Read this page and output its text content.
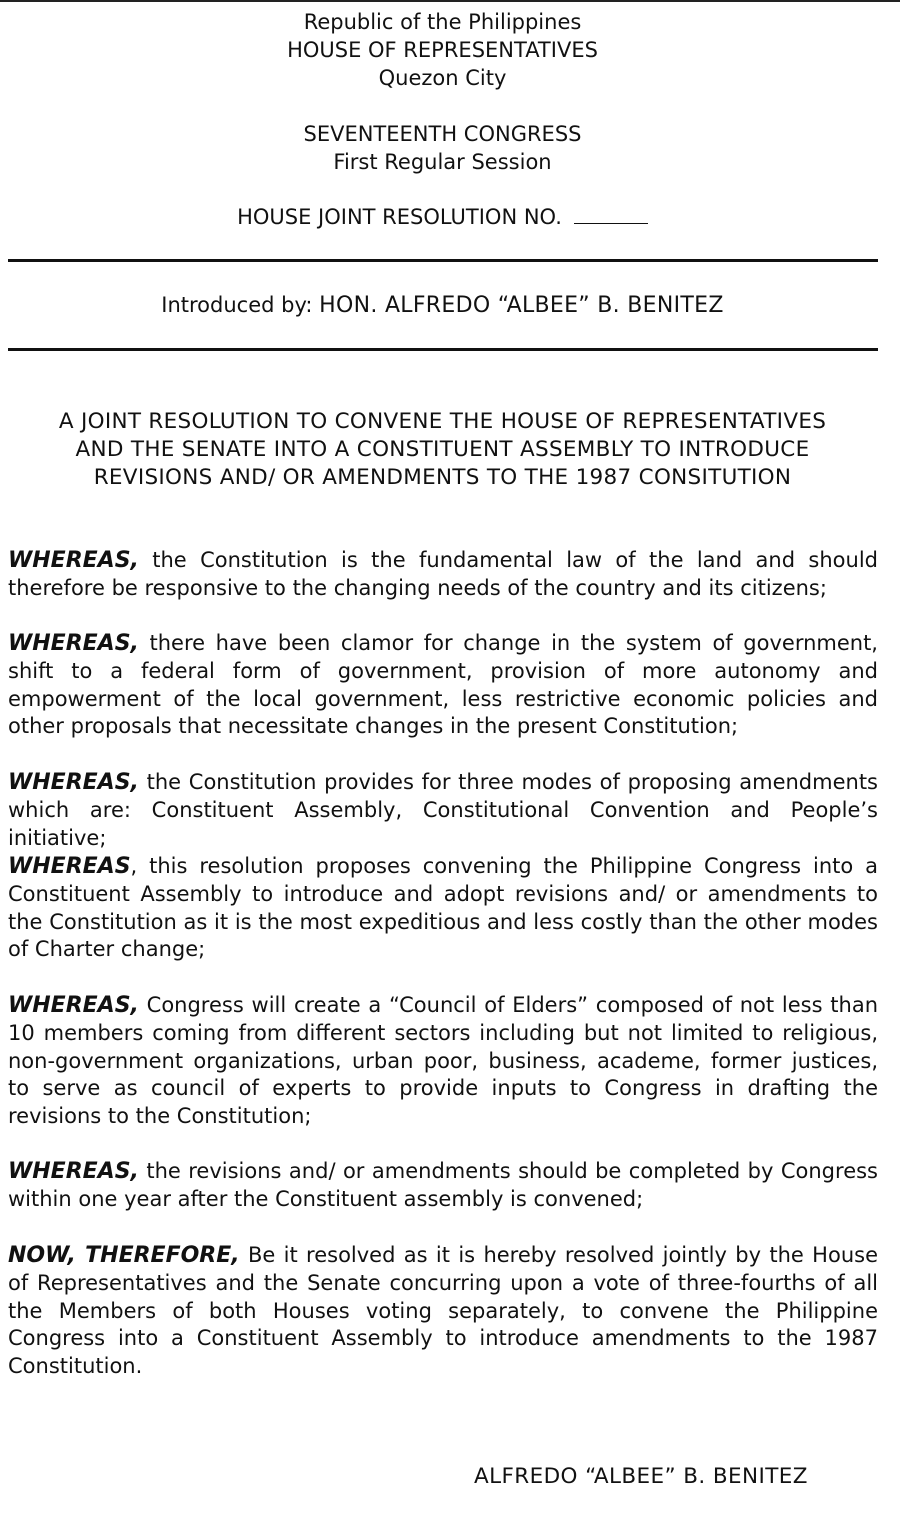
Republic of the Philippines
HOUSE OF REPRESENTATIVES
Quezon City
SEVENTEENTH CONGRESS
First Regular Session
HOUSE JOINT RESOLUTION NO.
Introduced by: HON. ALFREDO “ALBEE” B. BENITEZ
A JOINT RESOLUTION TO CONVENE THE HOUSE OF REPRESENTATIVES
AND THE SENATE INTO A CONSTITUENT ASSEMBLY TO INTRODUCE
REVISIONS AND/ OR AMENDMENTS TO THE 1987 CONSITUTION
WHEREAS, the Constitution is the fundamental law of the land and should therefore be responsive to the changing needs of the country and its citizens;
WHEREAS, there have been clamor for change in the system of government, shift to a federal form of government, provision of more autonomy and empowerment of the local government, less restrictive economic policies and other proposals that necessitate changes in the present Constitution;
WHEREAS, the Constitution provides for three modes of proposing amendments which are: Constituent Assembly, Constitutional Convention and People’s initiative;
WHEREAS, this resolution proposes convening the Philippine Congress into a Constituent Assembly to introduce and adopt revisions and/ or amendments to the Constitution as it is the most expeditious and less costly than the other modes of Charter change;
WHEREAS, Congress will create a “Council of Elders” composed of not less than 10 members coming from different sectors including but not limited to religious, non-government organizations, urban poor, business, academe, former justices, to serve as council of experts to provide inputs to Congress in drafting the revisions to the Constitution;
WHEREAS, the revisions and/ or amendments should be completed by Congress within one year after the Constituent assembly is convened;
NOW, THEREFORE, Be it resolved as it is hereby resolved jointly by the House of Representatives and the Senate concurring upon a vote of three-fourths of all the Members of both Houses voting separately, to convene the Philippine Congress into a Constituent Assembly to introduce amendments to the 1987 Constitution.
ALFREDO “ALBEE” B. BENITEZ
